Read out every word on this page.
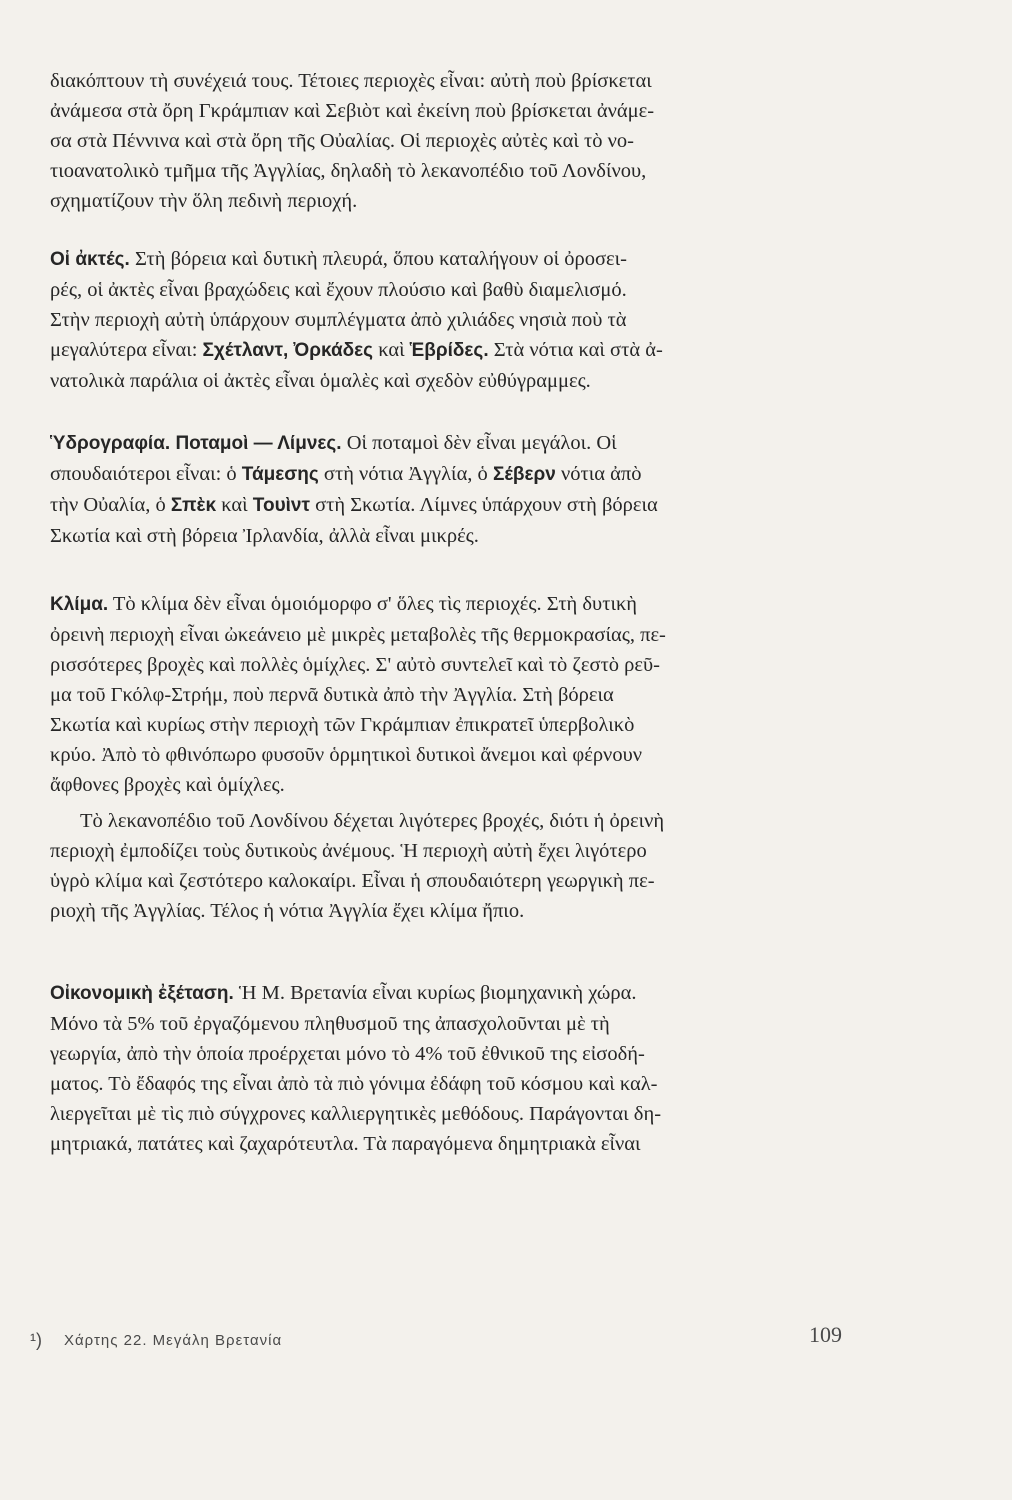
διακόπτουν τὴ συνέχειά τους. Τέτοιες περιοχὲς εἶναι: αὐτὴ ποὺ βρίσκεται
ἀνάμεσα στὰ ὄρη Γκράμπιαν καὶ Σεβιὸτ καὶ ἐκείνη ποὺ βρίσκεται ἀνάμε-
σα στὰ Πέννινα καὶ στὰ ὄρη τῆς Οὐαλίας. Οἱ περιοχὲς αὐτὲς καὶ τὸ νο-
τιοανατολικὸ τμῆμα τῆς Ἀγγλίας, δηλαδὴ τὸ λεκανοπέδιο τοῦ Λονδίνου,
σχηματίζουν τὴν ὅλη πεδινὴ περιοχή.

Οἱ ἀκτές. Στὴ βόρεια καὶ δυτικὴ πλευρά, ὅπου καταλήγουν οἱ ὀροσει-
ρές, οἱ ἀκτὲς εἶναι βραχώδεις καὶ ἔχουν πλούσιο καὶ βαθὺ διαμελισμό.
Στὴν περιοχὴ αὐτὴ ὑπάρχουν συμπλέγματα ἀπὸ χιλιάδες νησιὰ ποὺ τὰ
μεγαλύτερα εἶναι: Σχέτλαντ, Ὀρκάδες καὶ Ἑβρίδες. Στὰ νότια καὶ στὰ ἀ-
νατολικὰ παράλια οἱ ἀκτὲς εἶναι ὁμαλὲς καὶ σχεδὸν εὐθύγραμμες.

Ὑδρογραφία. Ποταμοὶ — Λίμνες. Οἱ ποταμοὶ δὲν εἶναι μεγάλοι. Οἱ
σπουδαιότεροι εἶναι: ὁ Τάμεσης στὴ νότια Ἀγγλία, ὁ Σέβερν νότια ἀπὸ
τὴν Οὐαλία, ὁ Σπὲκ καὶ Τουὶντ στὴ Σκωτία. Λίμνες ὑπάρχουν στὴ βόρεια
Σκωτία καὶ στὴ βόρεια Ἰρλανδία, ἀλλὰ εἶναι μικρές.

Κλίμα. Τὸ κλίμα δὲν εἶναι ὁμοιόμορφο σ' ὅλες τὶς περιοχές. Στὴ δυτικὴ
ὀρεινὴ περιοχὴ εἶναι ὠκεάνειο μὲ μικρὲς μεταβολὲς τῆς θερμοκρασίας, πε-
ρισσότερες βροχὲς καὶ πολλὲς ὁμίχλες. Σ' αὐτὸ συντελεῖ καὶ τὸ ζεστὸ ρεῦ-
μα τοῦ Γκόλφ-Στρήμ, ποὺ περνᾶ δυτικὰ ἀπὸ τὴν Ἀγγλία. Στὴ βόρεια
Σκωτία καὶ κυρίως στὴν περιοχὴ τῶν Γκράμπιαν ἐπικρατεῖ ὑπερβολικὸ
κρύο. Ἀπὸ τὸ φθινόπωρο φυσοῦν ὁρμητικοὶ δυτικοὶ ἄνεμοι καὶ φέρνουν
ἄφθονες βροχὲς καὶ ὁμίχλες.

Τὸ λεκανοπέδιο τοῦ Λονδίνου δέχεται λιγότερες βροχές, διότι ἡ ὀρεινὴ
περιοχὴ ἐμποδίζει τοὺς δυτικοὺς ἀνέμους. Ἡ περιοχὴ αὐτὴ ἔχει λιγότερο
ὑγρὸ κλίμα καὶ ζεστότερο καλοκαίρι. Εἶναι ἡ σπουδαιότερη γεωργικὴ πε-
ριοχὴ τῆς Ἀγγλίας. Τέλος ἡ νότια Ἀγγλία ἔχει κλίμα ἤπιο.

Οἰκονομικὴ ἐξέταση. Ἡ Μ. Βρετανία εἶναι κυρίως βιομηχανικὴ χώρα.
Μόνο τὰ 5% τοῦ ἐργαζόμενου πληθυσμοῦ της ἀπασχολοῦνται μὲ τὴ
γεωργία, ἀπὸ τὴν ὁποία προέρχεται μόνο τὸ 4% τοῦ ἐθνικοῦ της εἰσοδή-
ματος. Τὸ ἔδαφός της εἶναι ἀπὸ τὰ πιὸ γόνιμα ἐδάφη τοῦ κόσμου καὶ καλ-
λιεργεῖται μὲ τὶς πιὸ σύγχρονες καλλιεργητικὲς μεθόδους. Παράγονται δη-
μητριακά, πατάτες καὶ ζαχαρότευτλα. Τὰ παραγόμενα δημητριακὰ εἶναι

¹) Χάρτης 22. Μεγάλη Βρετανία	109
